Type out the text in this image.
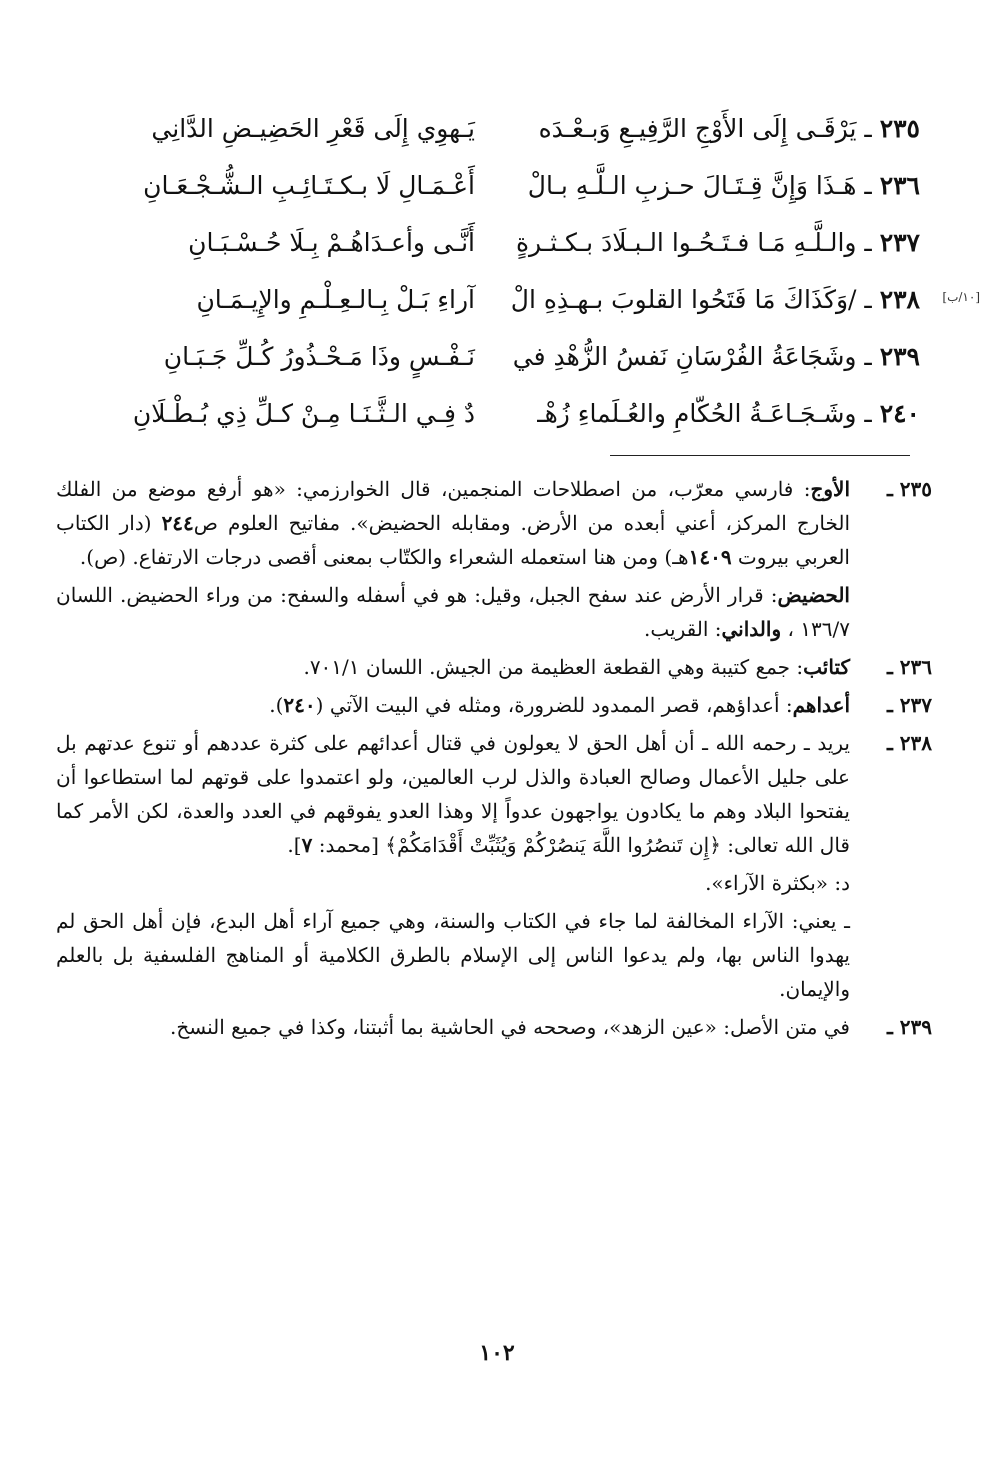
٢٣٥ ـ يَرْقَـى إِلَى الأَوْجِ الرَّفِيـعِ وَبـعْـدَه
يَـهوِي إِلَى قَعْرِ الحَضِيـضِ الدَّانِي
٢٣٦ ـ هَـذَا وَإِنَّ قِـتَـالَ حـزبِ الـلَّـهِ بـالْ
أَعْـمَـالِ لَا بـكـتَـائِـبِ الـشُّـجْـعَـانِ
٢٣٧ ـ والـلَّـهِ مَـا فـتَـحُـوا الـبـلَادَ بـكـثـرةٍ
أَنَّـى وأعـدَاهُـمْ بِـلَا حُـسْـبَـانِ
[١٠/ب]
٢٣٨ ـ /وَكَذَاكَ مَا فَتَحُوا القلوبَ بـهـذِهِ الْ
آراءِ بَـلْ بِـالـعِـلْـمِ والإِيـمَـانِ
٢٣٩ ـ وشَجَاعَةُ الفُرْسَانِ نَفسُ الزُّهْدِ في
نَـفْـسٍ وذَا مَـحْـذُورُ كُـلِّ جَـبَـانِ
٢٤٠ ـ وشَـجَـاعَـةُ الحُكّامِ والعُـلَماءِ زُهْـ
دٌ فِـي الـثَّـنَـا مِـنْ كـلِّ ذِي بُـطْـلَانِ
٢٣٥ ـ

الأوج: فارسي معرّب، من اصطلاحات المنجمين، قال الخوارزمي: «هو أرفع موضع من الفلك الخارج المركز، أعني أبعده من الأرض. ومقابله الحضيض». مفاتيح العلوم ص٢٤٤ (دار الكتاب العربي بيروت ١٤٠٩هـ) ومن هنا استعمله الشعراء والكتّاب بمعنى أقصى درجات الارتفاع. (ص).

الحضيض: قرار الأرض عند سفح الجبل، وقيل: هو في أسفله والسفح: من وراء الحضيض. اللسان ١٣٦/٧ ، والداني: القريب.

٢٣٦ ـ

كتائب: جمع كتيبة وهي القطعة العظيمة من الجيش. اللسان ٧٠١/١.

٢٣٧ ـ

أعداهم: أعداؤهم، قصر الممدود للضرورة، ومثله في البيت الآتي (٢٤٠).

٢٣٨ ـ

يريد ـ رحمه الله ـ أن أهل الحق لا يعولون في قتال أعدائهم على كثرة عددهم أو تنوع عدتهم بل على جليل الأعمال وصالح العبادة والذل لرب العالمين، ولو اعتمدوا على قوتهم لما استطاعوا أن يفتحوا البلاد وهم ما يكادون يواجهون عدواً إلا وهذا العدو يفوقهم في العدد والعدة، لكن الأمر كما قال الله تعالى: ﴿إِن تَنصُرُوا اللَّهَ يَنصُرْكُمْ وَيُثَبِّتْ أَقْدَامَكُمْ﴾ [محمد: ٧].

د: «بكثرة الآراء».

ـ يعني: الآراء المخالفة لما جاء في الكتاب والسنة، وهي جميع آراء أهل البدع، فإن أهل الحق لم يهدوا الناس بها، ولم يدعوا الناس إلى الإسلام بالطرق الكلامية أو المناهج الفلسفية بل بالعلم والإيمان.
٢٣٩ ـ

في متن الأصل: «عين الزهد»، وصححه في الحاشية بما أثبتنا، وكذا في جميع النسخ.

١٠٢
